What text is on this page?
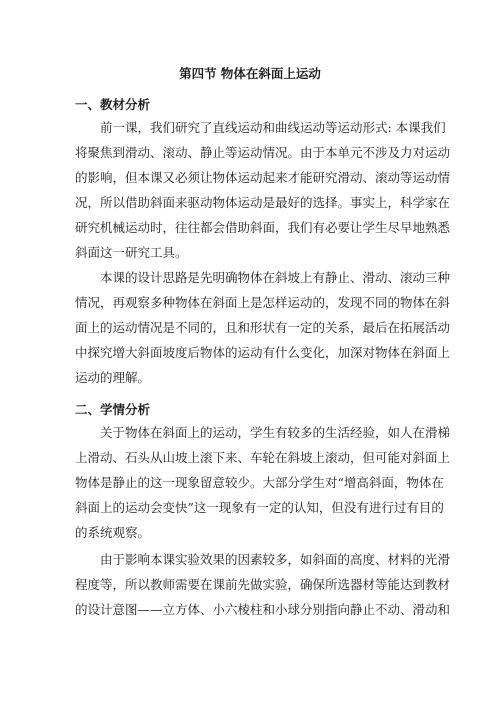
第四节 物体在斜面上运动
一、教材分析
前一课，我们研究了直线运动和曲线运动等运动形式: 本课我们
将聚焦到滑动、滚动、静止等运动情况。由于本单元不涉及力对运动
的影响，但本课又必须让物体运动起来才能研究滑动、滚动等运动情
况，所以借助斜面来驱动物体运动是最好的选择。事实上，科学家在
研究机械运动时，往往都会借助斜面，我们有必要让学生尽早地熟悉
斜面这一研究工具。
本课的设计思路是先明确物体在斜坡上有静止、滑动、滚动三种
情况，再观察多种物体在斜面上是怎样运动的，发现不同的物体在斜
面上的运动情况是不同的，且和形状有一定的关系，最后在拓展活动
中探究增大斜面坡度后物体的运动有什么变化，加深对物体在斜面上
运动的理解。
二、学情分析
关于物体在斜面上的运动，学生有较多的生活经验，如人在滑梯
上滑动、石头从山坡上滚下来、车轮在斜坡上滚动，但可能对斜面上
物体是静止的这一现象留意较少。大部分学生对“增高斜面，物体在
斜面上的运动会变快”这一现象有一定的认知，但没有进行过有目的
的系统观察。
由于影响本课实验效果的因素较多，如斜面的高度、材料的光滑
程度等，所以教师需要在课前先做实验，确保所选器材等能达到教材
的设计意图——立方体、小六棱柱和小球分别指向静止不动、滑动和
